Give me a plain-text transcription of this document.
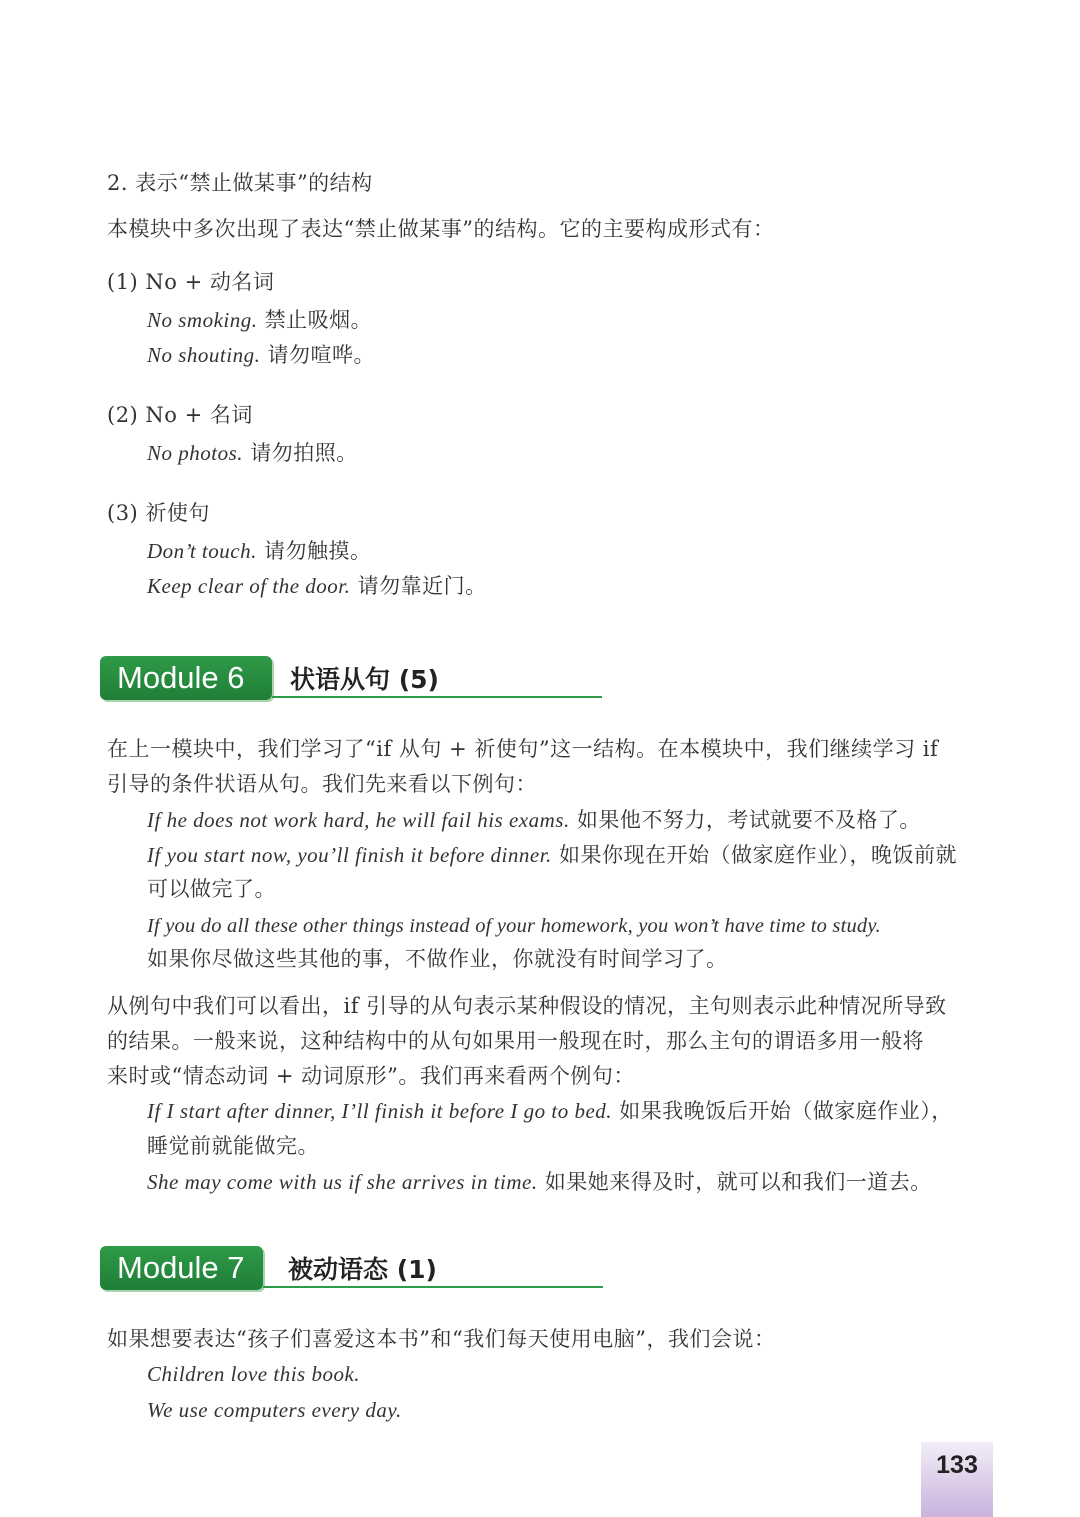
2. 表示“禁止做某事”的结构
本模块中多次出现了表达“禁止做某事”的结构。它的主要构成形式有：
(1) No + 动名词
No smoking. 禁止吸烟。
No shouting. 请勿喧哗。
(2) No + 名词
No photos. 请勿拍照。
(3) 祈使句
Don’t touch. 请勿触摸。
Keep clear of the door. 请勿靠近门。
Module 6	状语从句 (5)
在上一模块中，我们学习了“if 从句 + 祈使句”这一结构。在本模块中，我们继续学习 if
引导的条件状语从句。我们先来看以下例句：
If he does not work hard, he will fail his exams. 如果他不努力，考试就要不及格了。
If you start now, you’ll finish it before dinner. 如果你现在开始（做家庭作业），晚饭前就
可以做完了。
If you do all these other things instead of your homework, you won’t have time to study.
如果你尽做这些其他的事，不做作业，你就没有时间学习了。
从例句中我们可以看出，if 引导的从句表示某种假设的情况，主句则表示此种情况所导致
的结果。一般来说，这种结构中的从句如果用一般现在时，那么主句的谓语多用一般将
来时或“情态动词 + 动词原形”。我们再来看两个例句：
If I start after dinner, I’ll finish it before I go to bed. 如果我晚饭后开始（做家庭作业），
睡觉前就能做完。
She may come with us if she arrives in time. 如果她来得及时，就可以和我们一道去。
Module 7	被动语态 (1)
如果想要表达“孩子们喜爱这本书”和“我们每天使用电脑”，我们会说：
Children love this book.
We use computers every day.
133
